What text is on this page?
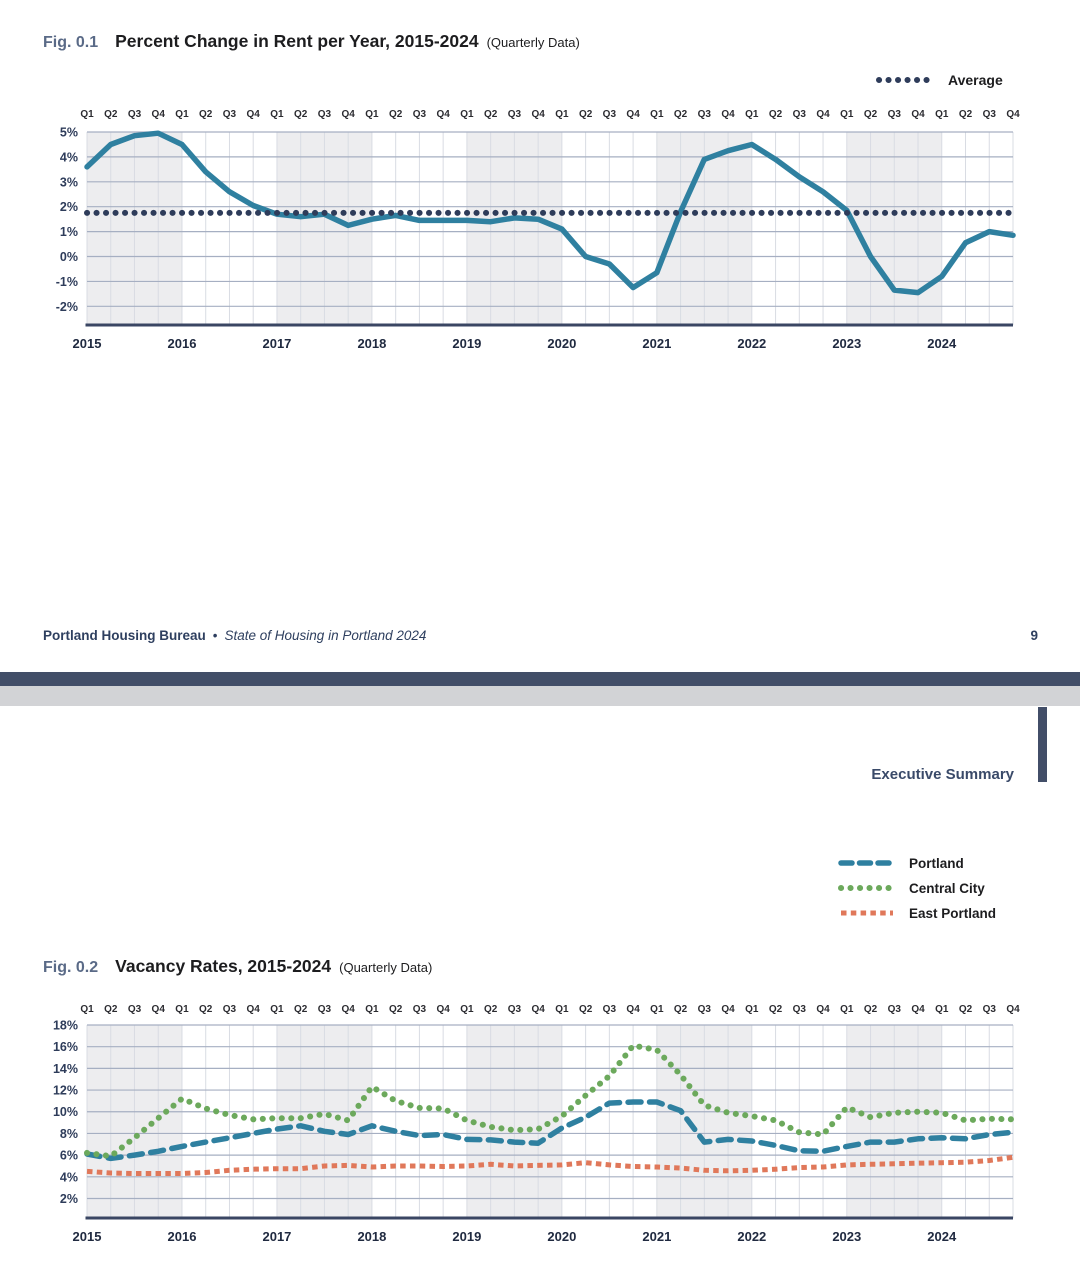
Fig. 0.1 Percent Change in Rent per Year, 2015-2024 (Quarterly Data)
Average
5%
4%
3%
2%
1%
0%
-1%
-2%
Q1 Q2 Q3 Q4 Q1 Q2 Q3 Q4 Q1 Q2 Q3 Q4 Q1 Q2 Q3 Q4 Q1 Q2 Q3 Q4 Q1 Q2 Q3 Q4 Q1 Q2 Q3 Q4 Q1 Q2 Q3 Q4 Q1 Q2 Q3 Q4 Q1 Q2 Q3 Q4
2015	2016	2017	2018	2019	2020	2021	2022	2023	2024
Portland Housing Bureau • State of Housing in Portland 2024	9
Executive Summary
Portland
Central City
East Portland
Fig. 0.2 Vacancy Rates, 2015-2024 (Quarterly Data)
18%
16%
14%
12%
10%
8%
6%
4%
2%
Q1 Q2 Q3 Q4 Q1 Q2 Q3 Q4 Q1 Q2 Q3 Q4 Q1 Q2 Q3 Q4 Q1 Q2 Q3 Q4 Q1 Q2 Q3 Q4 Q1 Q2 Q3 Q4 Q1 Q2 Q3 Q4 Q1 Q2 Q3 Q4 Q1 Q2 Q3 Q4
2015	2016	2017	2018	2019	2020	2021	2022	2023	2024
